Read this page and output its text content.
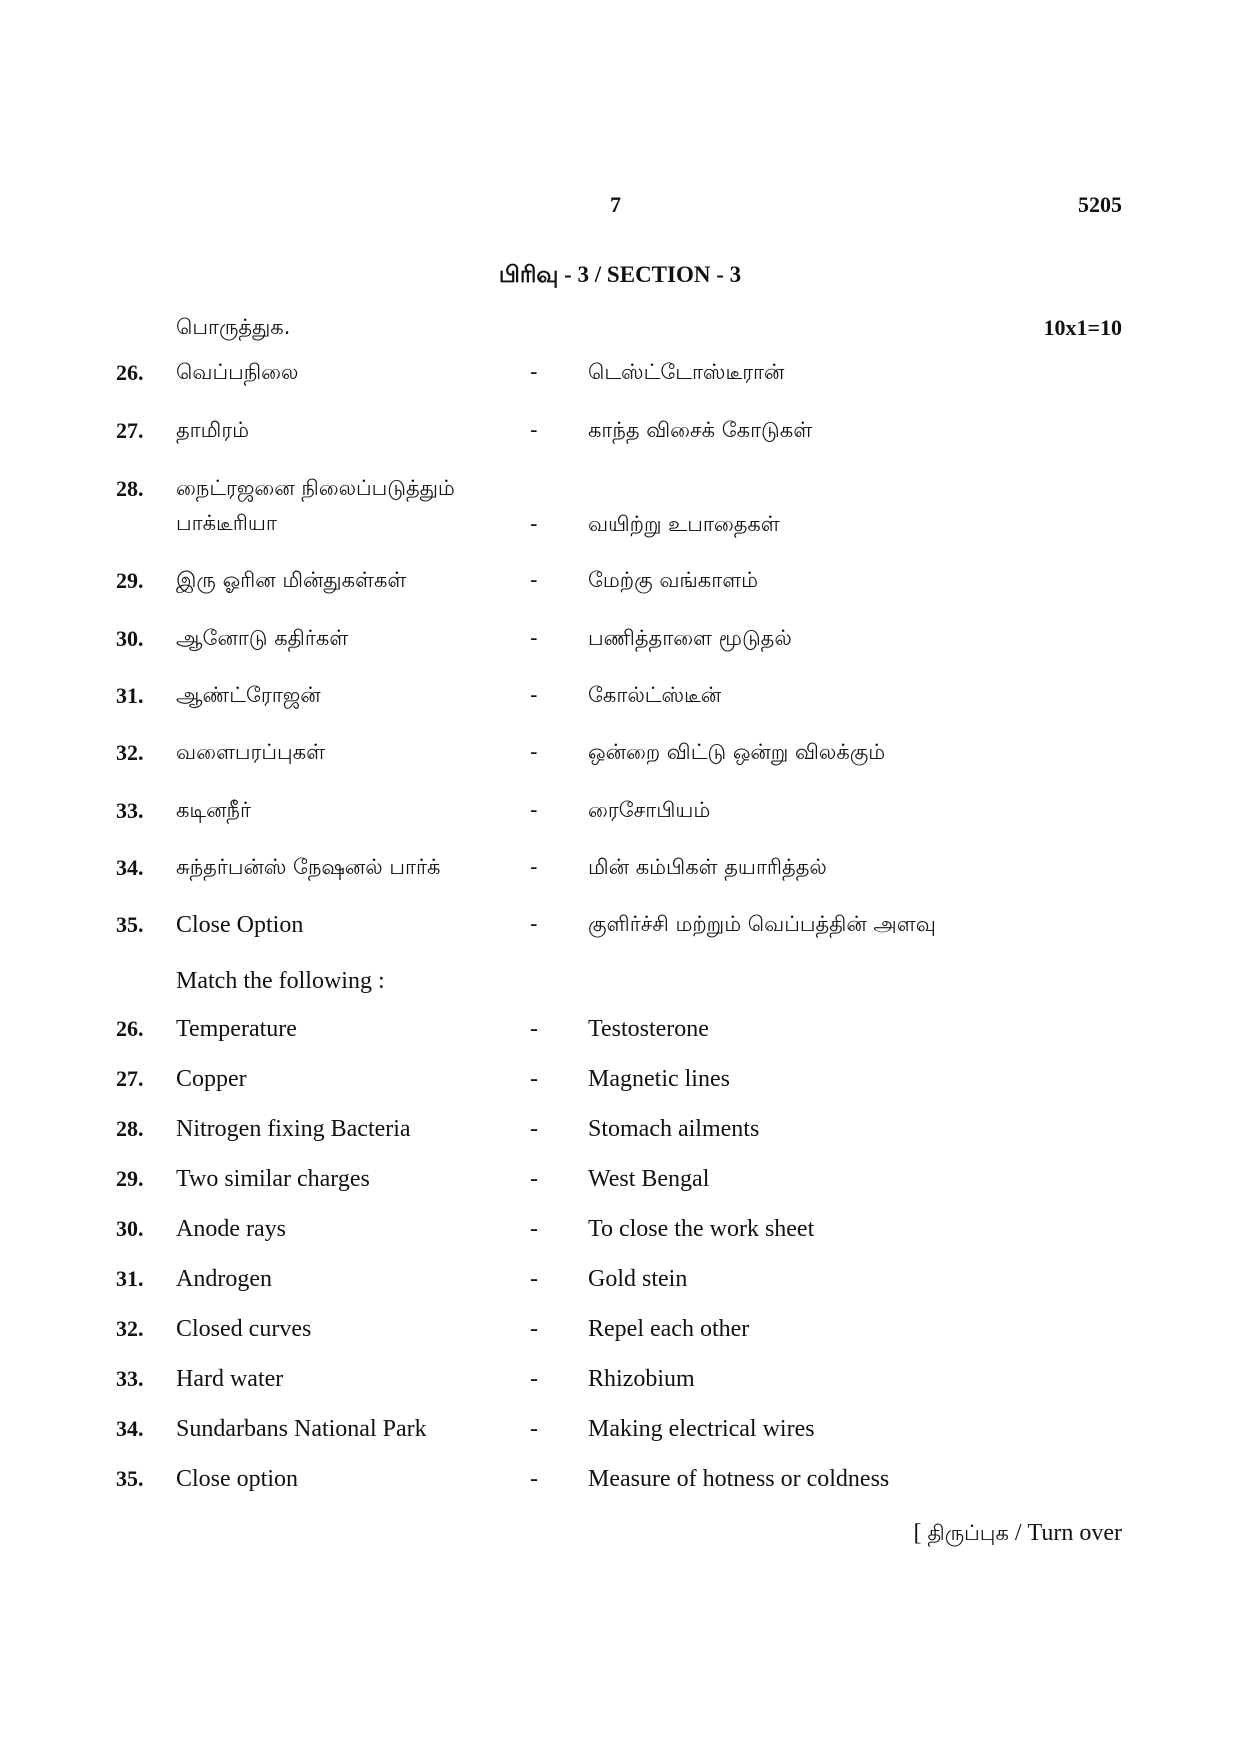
7	5205
பிரிவு - 3 / SECTION - 3
பொருத்துக.	10x1=10
26. வெப்பநிலை	- டெஸ்ட்டோஸ்டீரான்
27. தாமிரம்	- காந்த விசைக் கோடுகள்
28. நைட்ரஜனை நிலைப்படுத்தும்
பாக்டீரியா	- வயிற்று உபாதைகள்
29. இரு ஓரின மின்துகள்கள்	- மேற்கு வங்காளம்
30. ஆனோடு கதிர்கள்	- பணித்தாளை மூடுதல்
31. ஆண்ட்ரோஜன்	- கோல்ட்ஸ்டீன்
32. வளைபரப்புகள்	- ஒன்றை விட்டு ஒன்று விலக்கும்
33. கடினநீர்	- ரைசோபியம்
34. சுந்தர்பன்ஸ் நேஷனல் பார்க்	- மின் கம்பிகள் தயாரித்தல்
35. Close Option	- குளிர்ச்சி மற்றும் வெப்பத்தின் அளவு
Match the following :
26. Temperature	- Testosterone
27. Copper	- Magnetic lines
28. Nitrogen fixing Bacteria	- Stomach ailments
29. Two similar charges	- West Bengal
30. Anode rays	- To close the work sheet
31. Androgen	- Gold stein
32. Closed curves	- Repel each other
33. Hard water	- Rhizobium
34. Sundarbans National Park	- Making electrical wires
35. Close option	- Measure of hotness or coldness
[ திருப்புக / Turn over
